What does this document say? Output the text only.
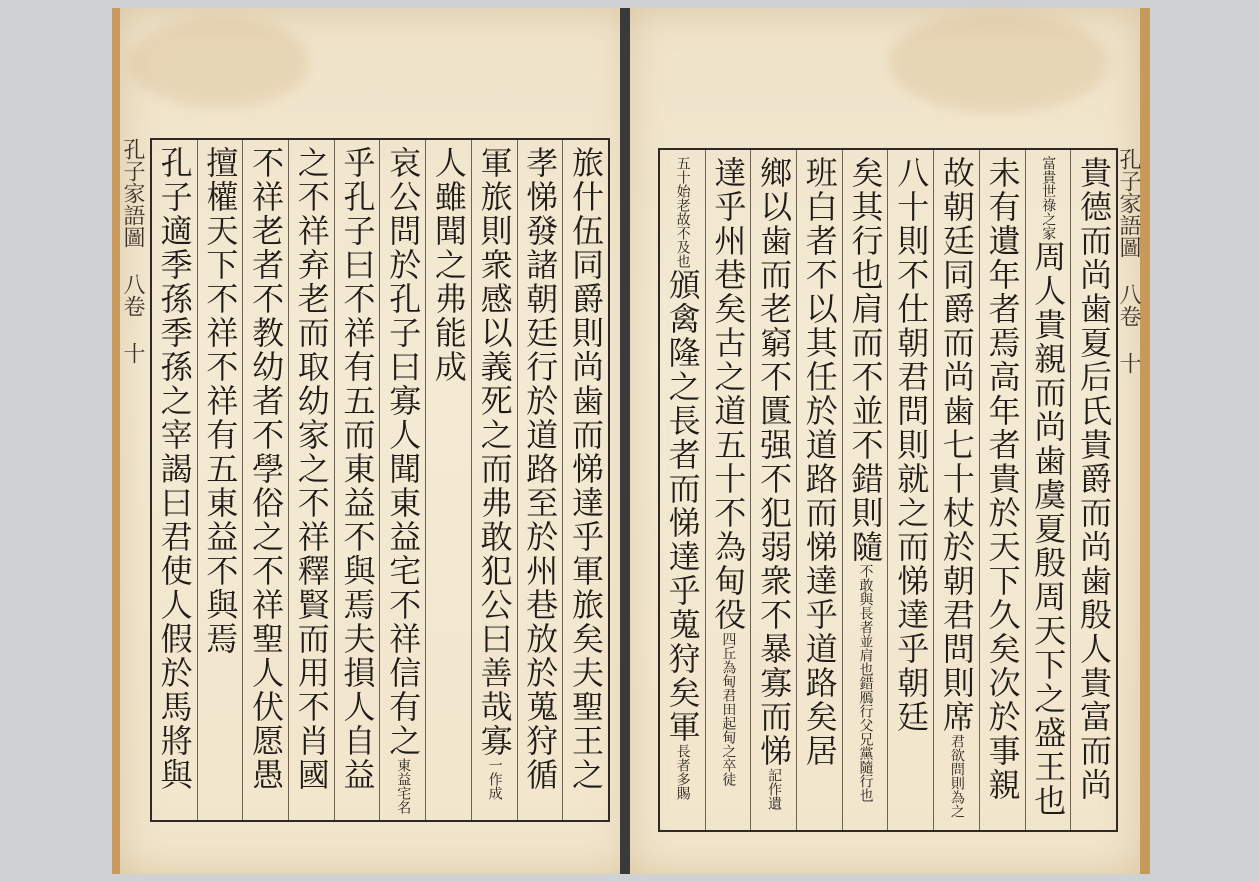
孔子家語圖 八卷 十	旅什伍同爵則尚歯而悌達乎軍旅矣夫聖王之
孝悌發諸朝廷行於道路至於州巷放於蒐狩循
軍旅則衆感以義死之而弗敢犯公曰善哉寡一作成
人雖聞之弗能成
哀公問於孔子曰寡人聞東益宅不祥信有之東益宅名
乎孔子曰不祥有五而東益不與焉夫損人自益
之不祥弃老而取幼家之不祥釋賢而用不肖國
不祥老者不教幼者不學俗之不祥聖人伏愿愚
擅權天下不祥不祥有五東益不與焉
孔子適季孫季孫之宰謁曰君使人假於馬將與
孔子家語圖 八卷 十
貴德而尚歯夏后氏貴爵而尚歯殷人貴富而尚
富貴世祿之家周人貴親而尚歯虞夏殷周天下之盛王也
未有遺年者焉高年者貴於天下久矣次於事親
故朝廷同爵而尚歯七十杖於朝君問則席君欲問則為之
八十則不仕朝君問則就之而悌達乎朝廷
矣其行也肩而不並不錯則隨不敢與長者並肩也錯鴈行父兄黨隨行也
班白者不以其任於道路而悌達乎道路矣居
鄉以歯而老窮不匱强不犯弱衆不暴寡而悌記作遺
達乎州巷矣古之道五十不為甸役四丘為甸君田起甸之卒徒
五十始老故不及也頒禽隆之長者而悌達乎蒐狩矣軍長者多賜
